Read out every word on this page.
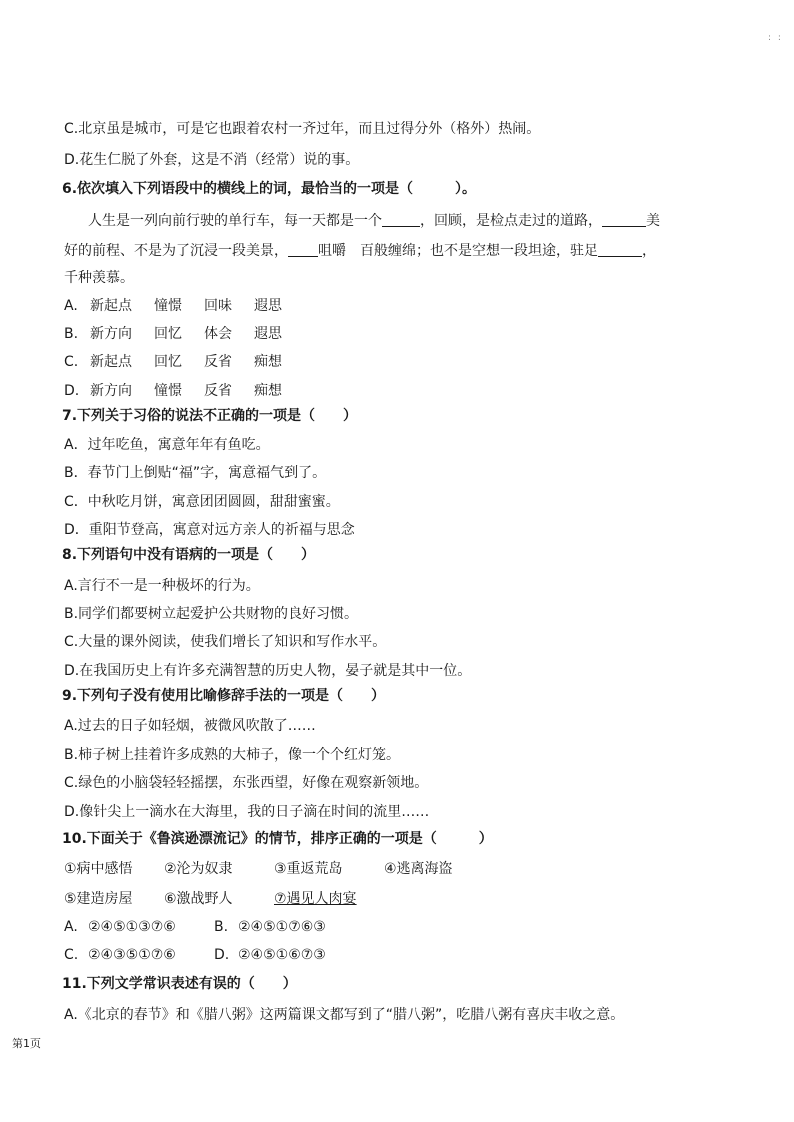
: :
C.北京虽是城市，可是它也跟着农村一齐过年，而且过得分外（格外）热闹。
D.花生仁脱了外套，这是不消（经常）说的事。
6.依次填入下列语段中的横线上的词，最恰当的一项是（　　　）。
人生是一列向前行驶的单行车，每一天都是一个	，回顾，是检点走过的道路，	美
好的前程、不是为了沉浸一段美景， 咀嚼　百般缠绵；也不是空想一段坦途，驻足	，
千种羡慕。
A. 新起点 憧憬 回味 遐思
B. 新方向 回忆 体会 遐思
C. 新起点 回忆 反省 痴想
D. 新方向 憧憬 反省 痴想
7.下列关于习俗的说法不正确的一项是（　　）
A．过年吃鱼，寓意年年有鱼吃。
B．春节门上倒贴“福”字，寓意福气到了。
C．中秋吃月饼，寓意团团圆圆，甜甜蜜蜜。
D．重阳节登高，寓意对远方亲人的祈福与思念
8.下列语句中没有语病的一项是（　　）
A.言行不一是一种极坏的行为。
B.同学们都要树立起爱护公共财物的良好习惯。
C.大量的课外阅读，使我们增长了知识和写作水平。
D.在我国历史上有许多充满智慧的历史人物，晏子就是其中一位。
9.下列句子没有使用比喻修辞手法的一项是（　　）
A.过去的日子如轻烟，被微风吹散了……
B.柿子树上挂着许多成熟的大柿子，像一个个红灯笼。
C.绿色的小脑袋轻轻摇摆，东张西望，好像在观察新领地。
D.像针尖上一滴水在大海里，我的日子滴在时间的流里……
10.下面关于《鲁滨逊漂流记》的情节，排序正确的一项是（　　　）
①病中感悟 ②沦为奴隶	③重返荒岛	④逃离海盗
⑤建造房屋 ⑥激战野人	⑦遇见人肉宴
A. ②④⑤①③⑦⑥	B. ②④⑤①⑦⑥③
C. ②④③⑤①⑦⑥	D. ②④⑤①⑥⑦③
11.下列文学常识表述有误的（　　）
A.《北京的春节》和《腊八粥》这两篇课文都写到了“腊八粥”，吃腊八粥有喜庆丰收之意。
第1页
